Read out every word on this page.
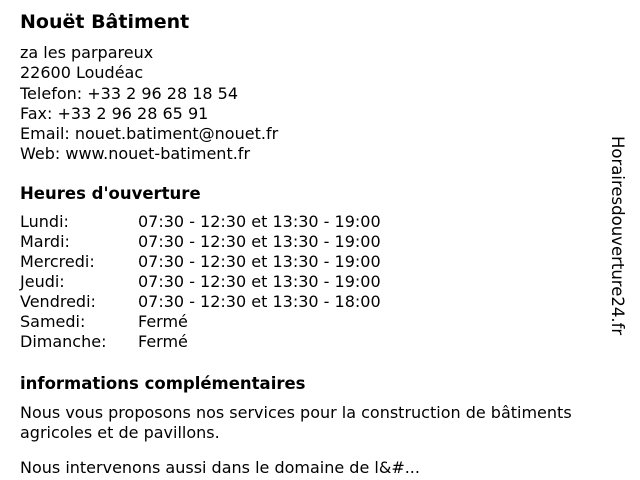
Nouët Bâtiment
za les parpareux
22600 Loudéac
Telefon: +33 2 96 28 18 54
Fax: +33 2 96 28 65 91
Email: nouet.batiment@nouet.fr
Web: www.nouet-batiment.fr
Heures d'ouverture
Lundi:	07:30 - 12:30 et 13:30 - 19:00
Mardi:	07:30 - 12:30 et 13:30 - 19:00
Mercredi:	07:30 - 12:30 et 13:30 - 19:00
Jeudi:	07:30 - 12:30 et 13:30 - 19:00
Vendredi:	07:30 - 12:30 et 13:30 - 18:00
Samedi:	Fermé
Dimanche: Fermé
informations complémentaires
Nous vous proposons nos services pour la construction de bâtiments agricoles et de pavillons.
Nous intervenons aussi dans le domaine de l&#...
Horairesdouverture24.fr
